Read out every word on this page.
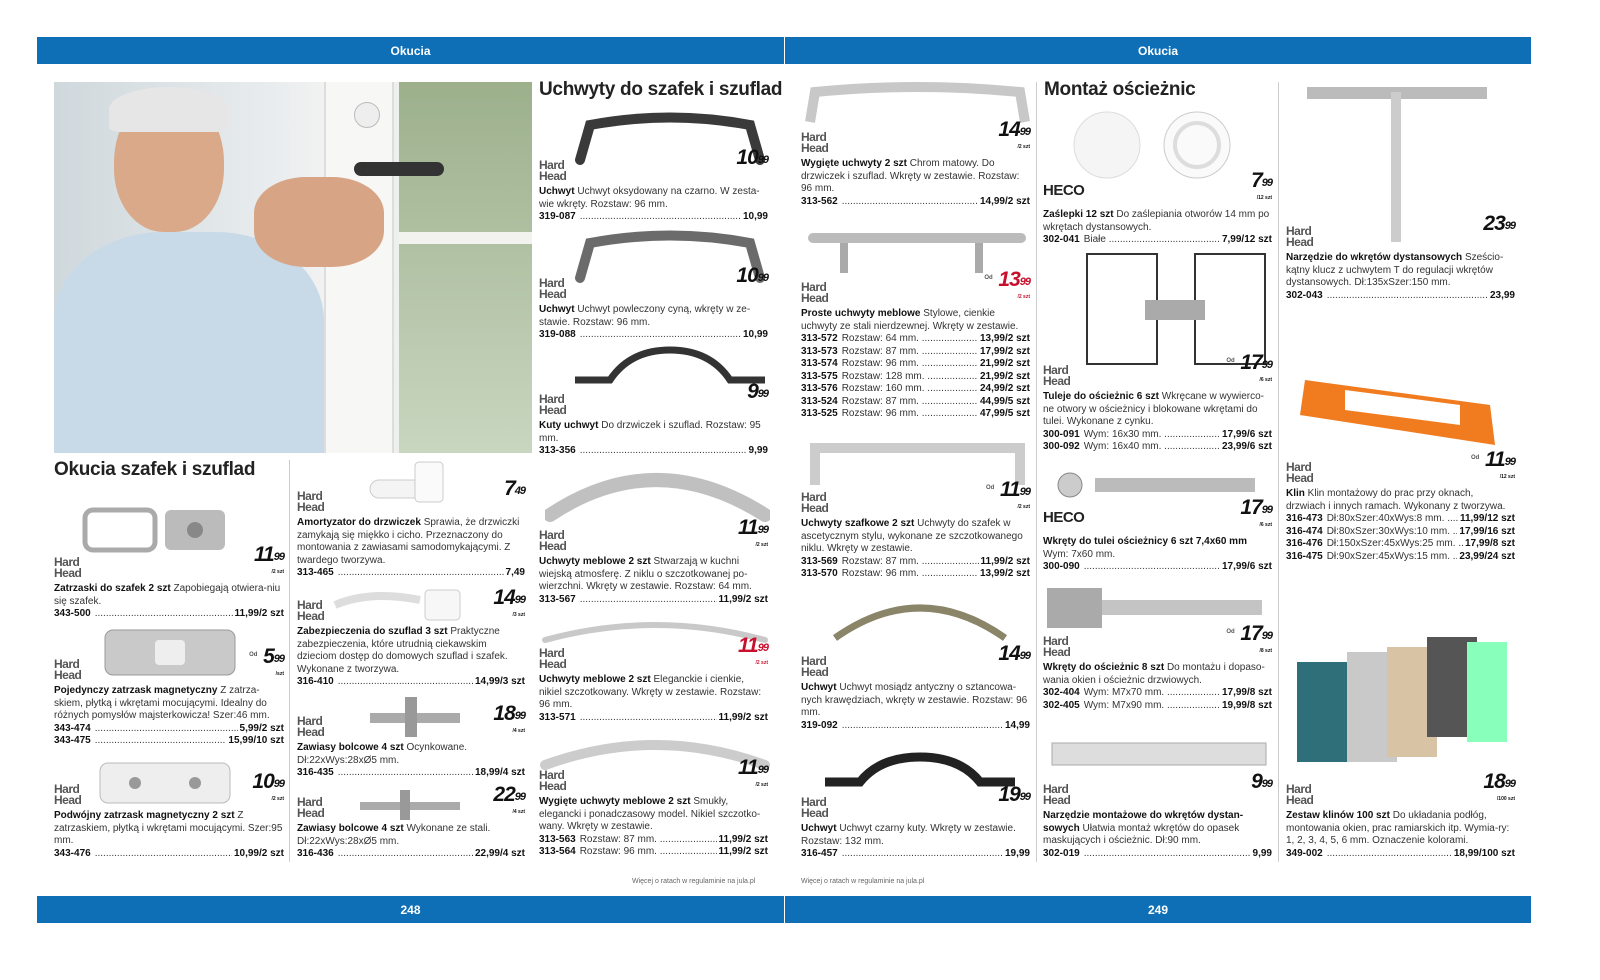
Okucia	Okucia
248	249
Więcej o ratach w regulaminie na jula.pl	Więcej o ratach w regulaminie na jula.pl
Uchwyty do szafek i szuflad
Okucia szafek i szuflad
Montaż ościeżnic
Hard
Head
$11^{99}$
/2 szt
Zatrzaski do szafek 2 szt Zapobiegają otwiera-niu się szafek.
343-500 .....	11,99/2 szt
Hard
Head
Od $5^{99}$
/szt
Pojedynczy zatrzask magnetyczny Z zatrza-skiem, płytką i wkrętami mocującymi. Idealny do różnych pomysłów majsterkowicza! Szer:46 mm.
343-474 .....	5,99/2 szt
343-475 .....	15,99/10 szt
Hard
Head
$10^{99}$
/2 szt
Podwójny zatrzask magnetyczny 2 szt Z zatrzaskiem, płytką i wkrętami mocującymi. Szer:95 mm.
343-476 .....	10,99/2 szt
Hard
Head
$7^{49}$
Amortyzator do drzwiczek Sprawia, że drzwiczki zamykają się miękko i cicho. Przeznaczony do montowania z zawiasami samodomykającymi. Z twardego tworzywa.
313-465 .....	7,49
Hard
Head
$14^{99}$
/3 szt
Zabezpieczenia do szuflad 3 szt Praktyczne zabezpieczenia, które utrudnią ciekawskim dzieciom dostęp do domowych szuflad i szafek. Wykonane z tworzywa.
316-410 .....	14,99/3 szt
Hard
Head
$18^{99}$
/4 szt
Zawiasy bolcowe 4 szt Ocynkowane. Dł:22xWys:28xØ5 mm.
316-435 .....	18,99/4 szt
Hard
Head
$22^{99}$
/4 szt
Zawiasy bolcowe 4 szt Wykonane ze stali. Dł:22xWys:28xØ5 mm.
316-436 .....	22,99/4 szt
Hard
Head
$10^{99}$
Uchwyt Uchwyt oksydowany na czarno. W zesta-wie wkręty. Rozstaw: 96 mm.
319-087 .....	10,99
Hard
Head
$10^{99}$
Uchwyt Uchwyt powleczony cyną, wkręty w ze-stawie. Rozstaw: 96 mm.
319-088 .....	10,99
Hard
Head
$9^{99}$
Kuty uchwyt Do drzwiczek i szuflad. Rozstaw: 95 mm.
313-356 .....	9,99
Hard
Head
$11^{99}$
/2 szt
Uchwyty meblowe 2 szt Stwarzają w kuchni wiejską atmosferę. Z niklu o szczotkowanej po-wierzchni. Wkręty w zestawie. Rozstaw: 64 mm.
313-567 .....	11,99/2 szt
Hard
Head
$11^{99}$
/2 szt
Uchwyty meblowe 2 szt Eleganckie i cienkie, nikiel szczotkowany. Wkręty w zestawie. Rozstaw: 96 mm.
313-571 .....	11,99/2 szt
Hard
Head
$11^{99}$
/2 szt
Wygięte uchwyty meblowe 2 szt Smukły, elegancki i ponadczasowy model. Nikiel szczotko-wany. Wkręty w zestawie.
313-563 Rozstaw: 87 mm. .....	11,99/2 szt
313-564 Rozstaw: 96 mm. .....	11,99/2 szt
Hard
Head
$14^{99}$
/2 szt
Wygięte uchwyty 2 szt Chrom matowy. Do drzwiczek i szuflad. Wkręty w zestawie. Rozstaw: 96 mm.
313-562 .....	14,99/2 szt
Hard
Head
Od $13^{99}$
/2 szt
Proste uchwyty meblowe Stylowe, cienkie uchwyty ze stali nierdzewnej. Wkręty w zestawie.
313-572 Rozstaw: 64 mm. .....	13,99/2 szt
313-573 Rozstaw: 87 mm. .....	17,99/2 szt
313-574 Rozstaw: 96 mm. .....	21,99/2 szt
313-575 Rozstaw: 128 mm. .....	21,99/2 szt
313-576 Rozstaw: 160 mm. .....	24,99/2 szt
313-524 Rozstaw: 87 mm. .....	44,99/5 szt
313-525 Rozstaw: 96 mm. .....	47,99/5 szt
Hard
Head
Od $11^{99}$
/2 szt
Uchwyty szafkowe 2 szt Uchwyty do szafek w ascetycznym stylu, wykonane ze szczotkowanego niklu. Wkręty w zestawie.
313-569 Rozstaw: 87 mm. .....	11,99/2 szt
313-570 Rozstaw: 96 mm. .....	13,99/2 szt
Hard
Head
$14^{99}$
Uchwyt Uchwyt mosiądz antyczny o sztancowa-nych krawędziach, wkręty w zestawie. Rozstaw: 96 mm.
319-092 .....	14,99
Hard
Head
$19^{99}$
Uchwyt Uchwyt czarny kuty. Wkręty w zestawie. Rozstaw: 132 mm.
316-457 .....	19,99
HECO	$7^{99}$
/12 szt
Zaślepki 12 szt Do zaślepiania otworów 14 mm po wkrętach dystansowych.
302-041 Białe .....	7,99/12 szt
Hard
Head
Od $17^{99}$
/6 szt
Tuleje do ościeżnic 6 szt Wkręcane w wywierco-ne otwory w ościeżnicy i blokowane wkrętami do tulei. Wykonane z cynku.
300-091 Wym: 16x30 mm. .....	17,99/6 szt
300-092 Wym: 16x40 mm. .....	23,99/6 szt
HECO	$17^{99}$
/6 szt
Wkręty do tulei ościeżnicy 6 szt 7,4x60 mm Wym: 7x60 mm.
300-090 .....	17,99/6 szt
Hard
Head
Od $17^{99}$
/8 szt
Wkręty do ościeżnic 8 szt Do montażu i dopaso-wania okien i ościeżnic drzwiowych.
302-404 Wym: M7x70 mm. .....	17,99/8 szt
302-405 Wym: M7x90 mm. .....	19,99/8 szt
Hard
Head
$9^{99}$
Narzędzie montażowe do wkrętów dystan-sowych Ułatwia montaż wkrętów do opasek maskujących i ościeżnic. Dł:90 mm.
302-019 .....	9,99
Hard
Head
$23^{99}$
Narzędzie do wkrętów dystansowych Sześcio-kątny klucz z uchwytem T do regulacji wkrętów dystansowych. Dł:135xSzer:150 mm.
302-043 .....	23,99
Hard
Head
Od $11^{99}$
/12 szt
Klin Klin montażowy do prac przy oknach, drzwiach i innych ramach. Wykonany z tworzywa.
316-473 Dł:80xSzer:40xWys:8 mm. .....	11,99/12 szt
316-474 Dł:80xSzer:30xWys:10 mm. ..... 17,99/16 szt
316-476 Dł:150xSzer:45xWys:25 mm. ..... 17,99/8 szt
316-475 Dł:90xSzer:45xWys:15 mm. ..... 23,99/24 szt
Hard
Head
$18^{99}$
/100 szt
Zestaw klinów 100 szt Do układania podłóg, montowania okien, prac ramiarskich itp. Wymia-ry: 1, 2, 3, 4, 5, 6 mm. Oznaczenie kolorami.
349-002 .....	18,99/100 szt
